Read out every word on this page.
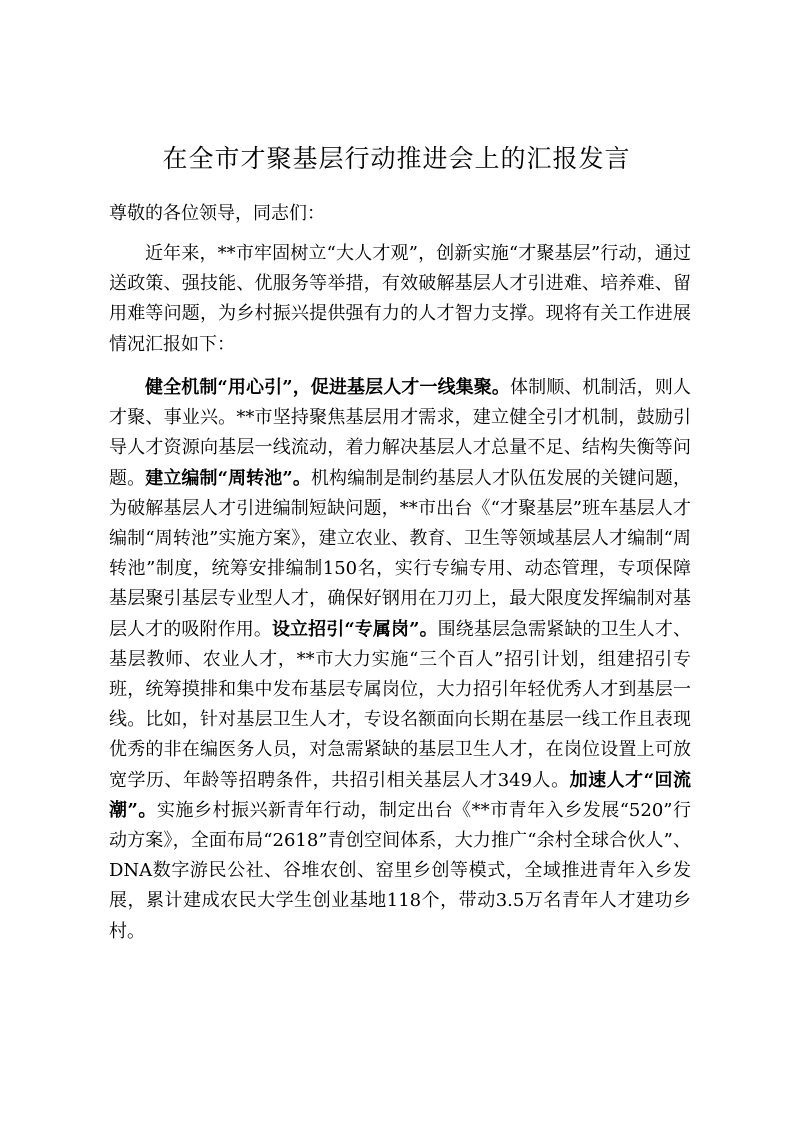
在全市才聚基层行动推进会上的汇报发言

尊敬的各位领导，同志们：

近年来，**市牢固树立“大人才观”，创新实施“才聚基层”行动，通过送政策、强技能、优服务等举措，有效破解基层人才引进难、培养难、留用难等问题，为乡村振兴提供强有力的人才智力支撑。现将有关工作进展情况汇报如下：

健全机制“用心引”，促进基层人才一线集聚。体制顺、机制活，则人才聚、事业兴。**市坚持聚焦基层用才需求，建立健全引才机制，鼓励引导人才资源向基层一线流动，着力解决基层人才总量不足、结构失衡等问题。建立编制“周转池”。机构编制是制约基层人才队伍发展的关键问题，为破解基层人才引进编制短缺问题，**市出台《“才聚基层”班车基层人才编制“周转池”实施方案》，建立农业、教育、卫生等领域基层人才编制“周转池”制度，统筹安排编制150名，实行专编专用、动态管理，专项保障基层聚引基层专业型人才，确保好钢用在刀刃上，最大限度发挥编制对基层人才的吸附作用。设立招引“专属岗”。围绕基层急需紧缺的卫生人才、基层教师、农业人才，**市大力实施“三个百人”招引计划，组建招引专班，统筹摸排和集中发布基层专属岗位，大力招引年轻优秀人才到基层一线。比如，针对基层卫生人才，专设名额面向长期在基层一线工作且表现优秀的非在编医务人员，对急需紧缺的基层卫生人才，在岗位设置上可放宽学历、年龄等招聘条件，共招引相关基层人才349人。加速人才“回流潮”。实施乡村振兴新青年行动，制定出台《**市青年入乡发展“520”行动方案》，全面布局“2618”青创空间体系，大力推广“余村全球合伙人”、DNA数字游民公社、谷堆农创、窑里乡创等模式，全域推进青年入乡发展，累计建成农民大学生创业基地118个，带动3.5万名青年人才建功乡村。
